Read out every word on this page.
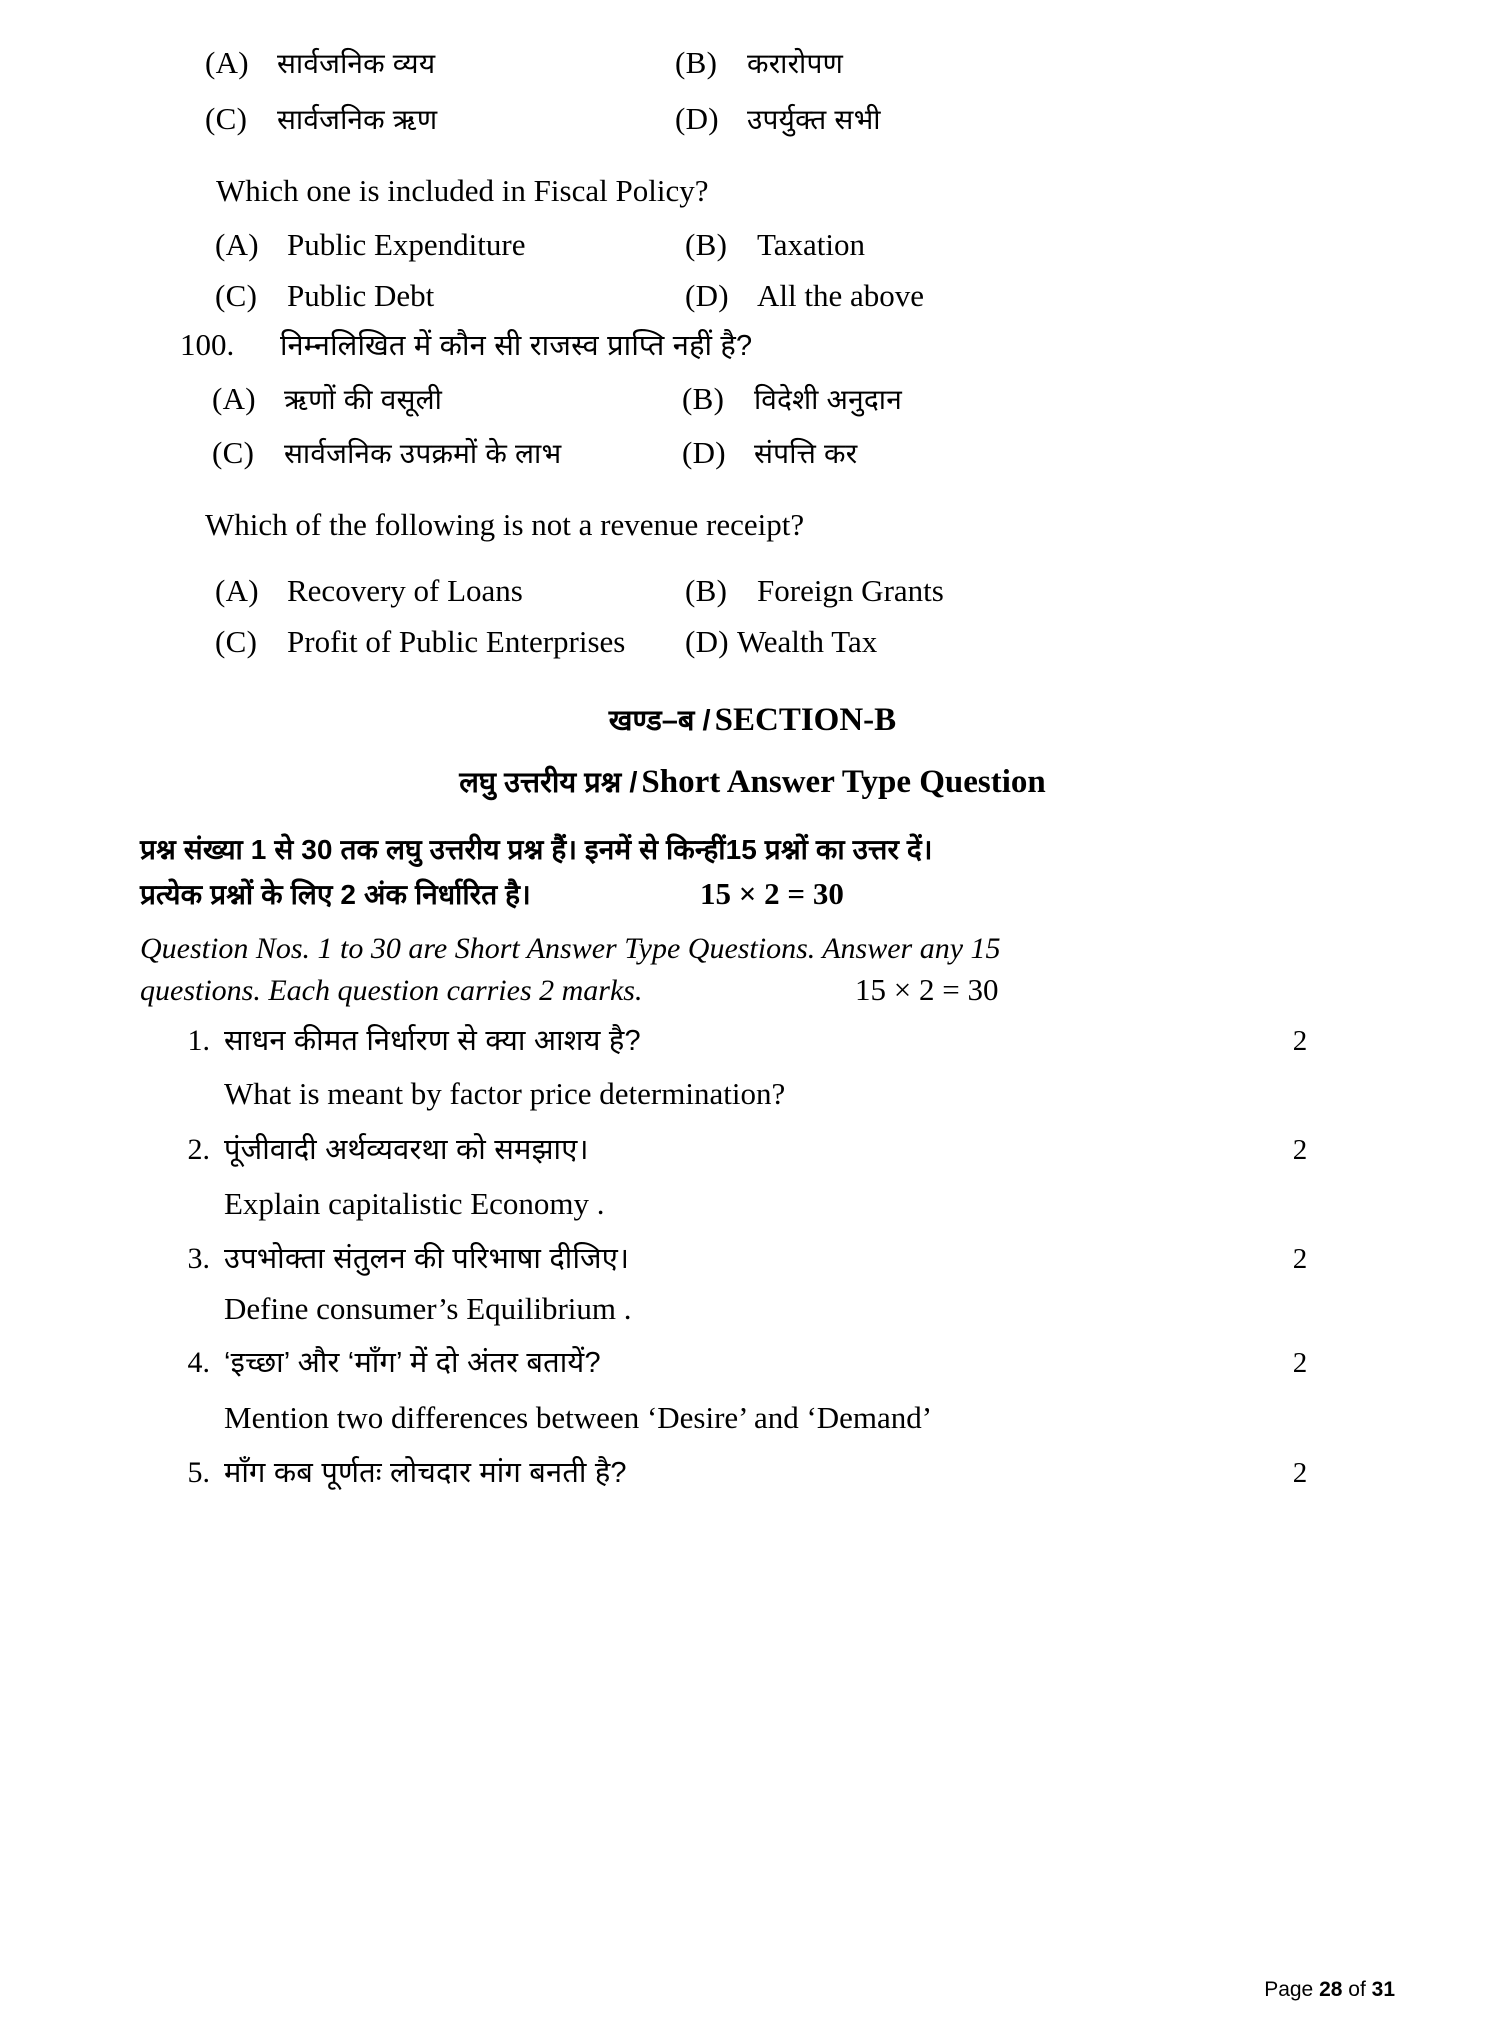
(A)	सार्वजनिक व्यय	(B)	करारोपण
(C)	सार्वजनिक ऋण	(D)	उपर्युक्त सभी
Which one is included in Fiscal Policy?
(A) Public Expenditure	(B) Taxation
(C) Public Debt	(D) All the above
100.	निम्नलिखित में कौन सी राजस्व प्राप्ति नहीं है?
(A)	ऋणों की वसूली	(B)	विदेशी अनुदान
(C)	सार्वजनिक उपक्रमों के लाभ	(D)	संपत्ति कर
Which of the following is not a revenue receipt?
(A) Recovery of Loans	(B) Foreign Grants
(C) Profit of Public Enterprises (D) Wealth Tax
खण्ड–ब / SECTION-B
लघु उत्तरीय प्रश्न / Short Answer Type Question
प्रश्न संख्या 1 से 30 तक लघु उत्तरीय प्रश्न हैं। इनमें से किन्हीं15 प्रश्नों का उत्तर दें।
प्रत्येक प्रश्नों के लिए 2 अंक निर्धारित है।	15 × 2 = 30
Question Nos. 1 to 30 are Short Answer Type Questions. Answer any 15
questions. Each question carries 2 marks.	15 × 2 = 30
1. साधन कीमत निर्धारण से क्या आशय है?	2
What is meant by factor price determination?
2. पूंजीवादी अर्थव्यवरथा को समझाए।	2
Explain capitalistic Economy .
3. उपभोक्ता संतुलन की परिभाषा दीजिए।	2
Define consumer’s Equilibrium .
4. ‘इच्छा’ और ‘माँग’ में दो अंतर बतायें?	2
Mention two differences between ‘Desire’ and ‘Demand’
5. माँग कब पूर्णतः लोचदार मांग बनती है?	2
Page 28 of 31
